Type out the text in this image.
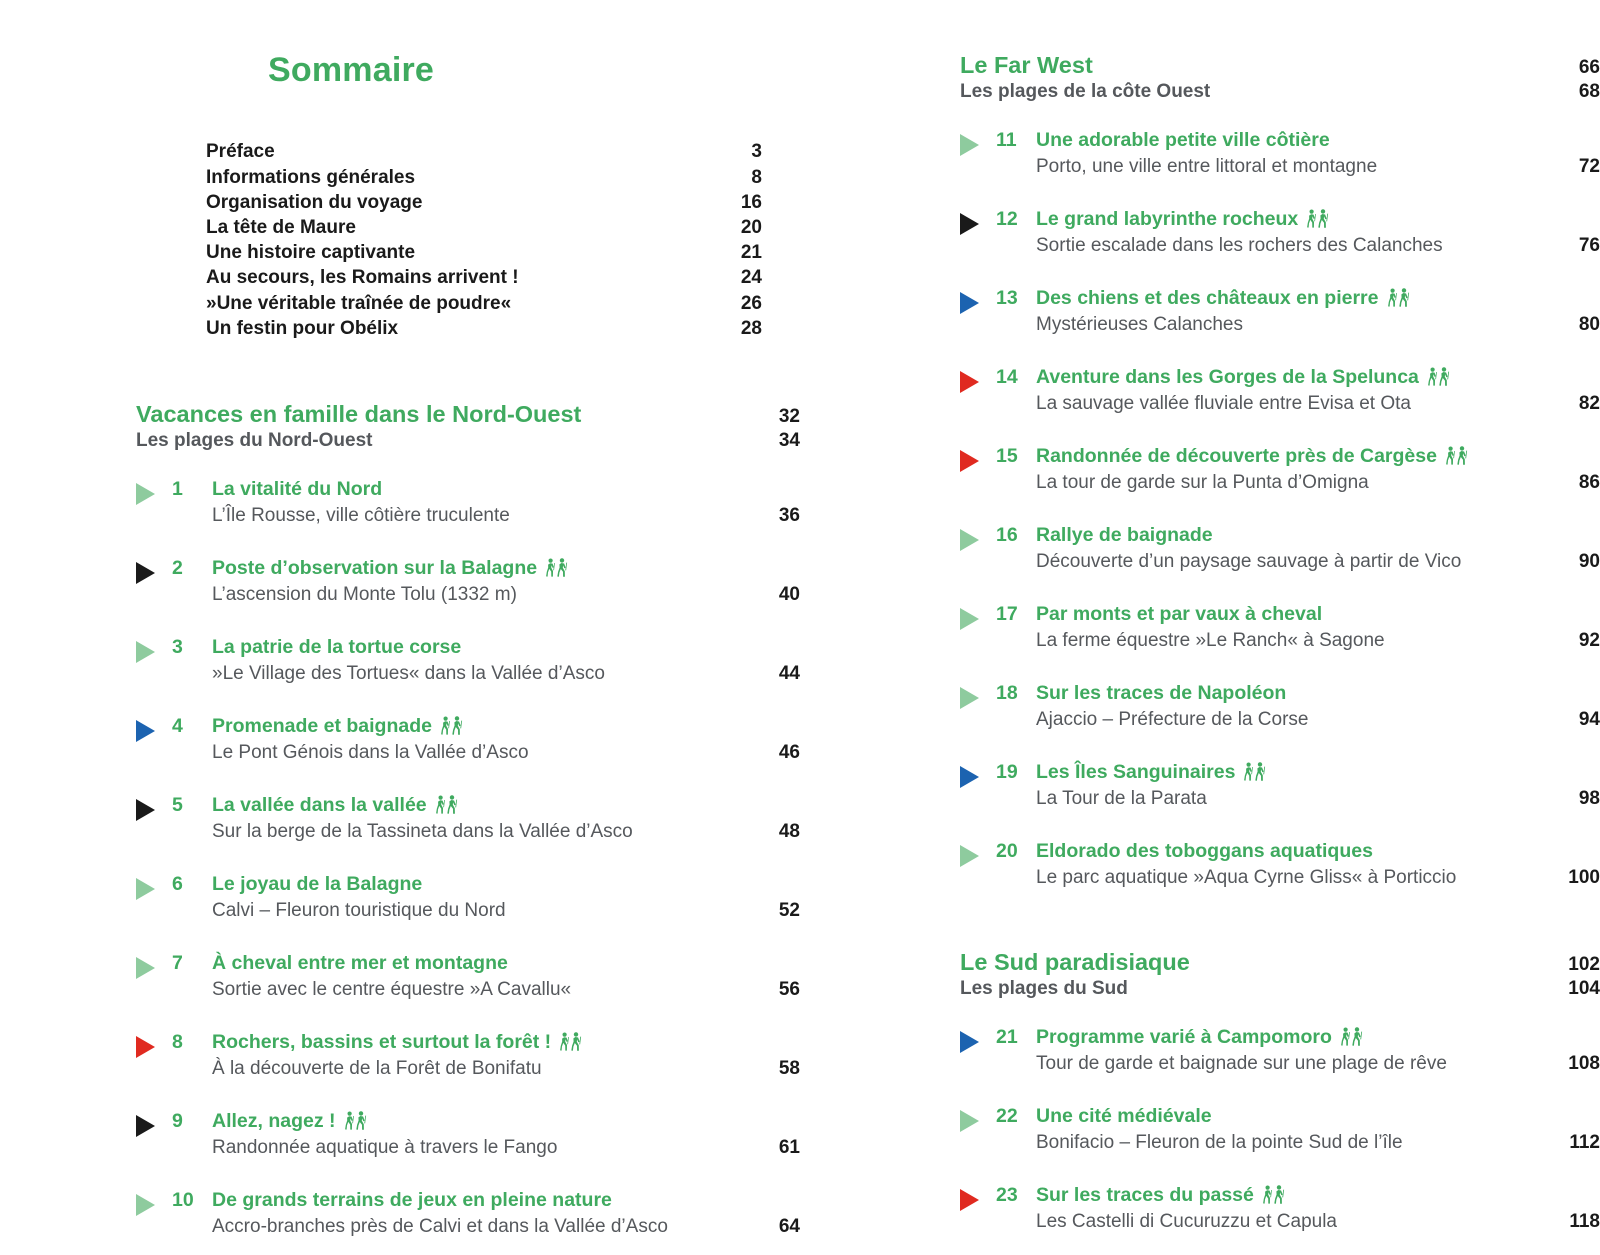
Sommaire
Préface	3
Informations générales	8
Organisation du voyage	16
La tête de Maure	20
Une histoire captivante	21
Au secours, les Romains arrivent !	24
»Une véritable traînée de poudre«	26
Un festin pour Obélix	28
Vacances en famille dans le Nord-Ouest	32
Les plages du Nord-Ouest	34
1	La vitalité du Nord
L’Île Rousse, ville côtière truculente	36
2	Poste d’observation sur la Balagne
L’ascension du Monte Tolu (1332 m)	40
3	La patrie de la tortue corse
»Le Village des Tortues« dans la Vallée d’Asco	44
4	Promenade et baignade
Le Pont Génois dans la Vallée d’Asco	46
5	La vallée dans la vallée
Sur la berge de la Tassineta dans la Vallée d’Asco	48
6	Le joyau de la Balagne
Calvi – Fleuron touristique du Nord	52
7	À cheval entre mer et montagne
Sortie avec le centre équestre »A Cavallu«	56
8	Rochers, bassins et surtout la forêt !
À la découverte de la Forêt de Bonifatu	58
9	Allez, nagez !
Randonnée aquatique à travers le Fango	61
10 De grands terrains de jeux en pleine nature
Accro-branches près de Calvi et dans la Vallée d’Asco	64
Le Far West	66
Les plages de la côte Ouest	68
11 Une adorable petite ville côtière
Porto, une ville entre littoral et montagne	72
12 Le grand labyrinthe rocheux
Sortie escalade dans les rochers des Calanches	76
13 Des chiens et des châteaux en pierre
Mystérieuses Calanches	80
14 Aventure dans les Gorges de la Spelunca
La sauvage vallée fluviale entre Evisa et Ota	82
15 Randonnée de découverte près de Cargèse
La tour de garde sur la Punta d’Omigna	86
16 Rallye de baignade
Découverte d’un paysage sauvage à partir de Vico	90
17 Par monts et par vaux à cheval
La ferme équestre »Le Ranch« à Sagone	92
18 Sur les traces de Napoléon
Ajaccio – Préfecture de la Corse	94
19 Les Îles Sanguinaires
La Tour de la Parata	98
20 Eldorado des toboggans aquatiques
Le parc aquatique »Aqua Cyrne Gliss« à Porticcio	100
Le Sud paradisiaque	102
Les plages du Sud	104
21 Programme varié à Campomoro
Tour de garde et baignade sur une plage de rêve	108
22 Une cité médiévale
Bonifacio – Fleuron de la pointe Sud de l’île	112
23 Sur les traces du passé
Les Castelli di Cucuruzzu et Capula	118
